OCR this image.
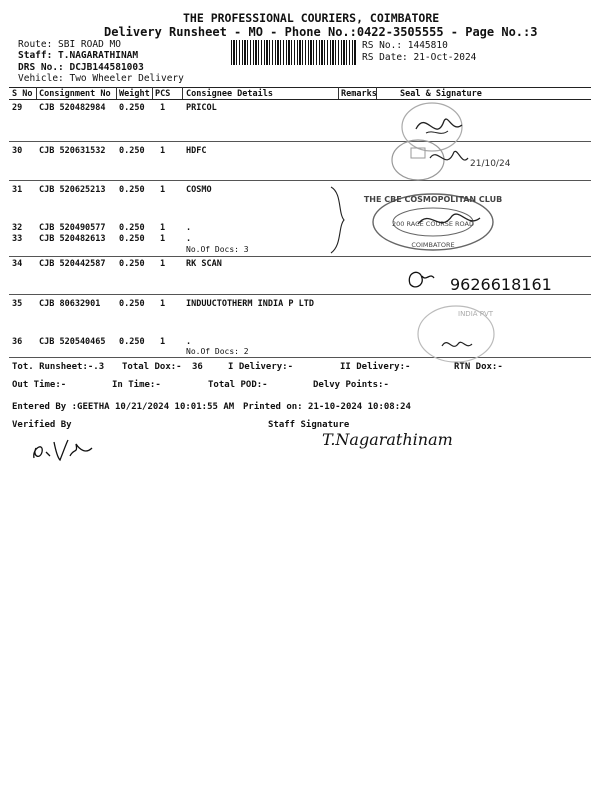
THE PROFESSIONAL COURIERS, COIMBATORE
Delivery Runsheet - MO - Phone No.:0422-3505555 - Page No.:3
Route: SBI ROAD MO
Staff: T.NAGARATHINAM
DRS No.: DCJB144581003
Vehicle: Two Wheeler Delivery
RS No.: 1445810
RS Date: 21-Oct-2024
S No Consignment No Weight PCS Consignee Details	Remarks	Seal & Signature
29 CJB 520482984 0.250 1 PRICOL
30 CJB 520631532 0.250 1 HDFC
31 CJB 520625213 0.250 1 COSMO
32 CJB 520490577 0.250 1 .
33 CJB 520482613 0.250 1 .
No.Of Docs: 3
34 CJB 520442587 0.250 1 RK SCAN
35 CJB 80632901 0.250 1 INDUUCTOTHERM INDIA P LTD
36 CJB 520540465 0.250 1 .
No.Of Docs: 2
21/10/24
THE CBE COSMOPOLITAN CLUB
200 RACE COURSE ROAD
COIMBATORE
9626618161
INDIA PVT
Tot. Runsheet:-.3 Total Dox:- 36	I Delivery:-	II Delivery:-	RTN Dox:-
Out Time:-	In Time:-	Total POD:-	Delvy Points:-
Entered By :GEETHA 10/21/2024 10:01:55 AM Printed on: 21-10-2024 10:08:24
Verified By	Staff Signature
S.VR	T.Nagarathinam
